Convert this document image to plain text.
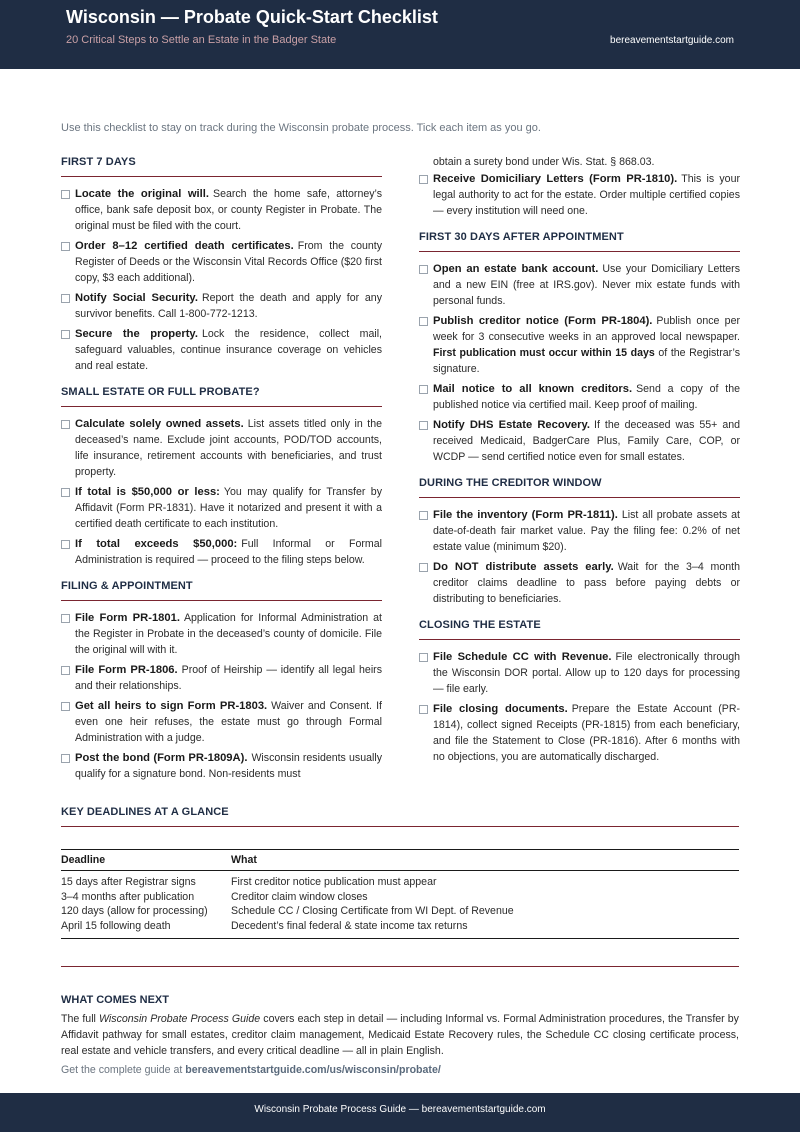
Wisconsin — Probate Quick-Start Checklist
20 Critical Steps to Settle an Estate in the Badger State	bereavementstartguide.com
Use this checklist to stay on track during the Wisconsin probate process. Tick each item as you go.
FIRST 7 DAYS
Locate the original will. Search the home safe, attorney’s office, bank safe deposit box, or county Register in Probate. The original must be filed with the court.
Order 8–12 certified death certificates. From the county Register of Deeds or the Wisconsin Vital Records Office ($20 first copy, $3 each additional).
Notify Social Security. Report the death and apply for any survivor benefits. Call 1-800-772-1213.
Secure the property. Lock the residence, collect mail, safeguard valuables, continue insurance coverage on vehicles and real estate.
SMALL ESTATE OR FULL PROBATE?
Calculate solely owned assets. List assets titled only in the deceased’s name. Exclude joint accounts, POD/TOD accounts, life insurance, retirement accounts with beneficiaries, and trust property.
If total is $50,000 or less: You may qualify for Transfer by Affidavit (Form PR-1831). Have it notarized and present it with a certified death certificate to each institution.
If total exceeds $50,000: Full Informal or Formal Administration is required — proceed to the filing steps below.
FILING & APPOINTMENT
File Form PR-1801. Application for Informal Administration at the Register in Probate in the deceased’s county of domicile. File the original will with it.
File Form PR-1806. Proof of Heirship — identify all legal heirs and their relationships.
Get all heirs to sign Form PR-1803. Waiver and Consent. If even one heir refuses, the estate must go through Formal Administration with a judge.
Post the bond (Form PR-1809A). Wisconsin residents usually qualify for a signature bond. Non-residents must
obtain a surety bond under Wis. Stat. § 868.03.
Receive Domiciliary Letters (Form PR-1810). This is your legal authority to act for the estate. Order multiple certified copies — every institution will need one.
FIRST 30 DAYS AFTER APPOINTMENT
Open an estate bank account. Use your Domiciliary Letters and a new EIN (free at IRS.gov). Never mix estate funds with personal funds.
Publish creditor notice (Form PR-1804). Publish once per week for 3 consecutive weeks in an approved local newspaper. First publication must occur within 15 days of the Registrar’s signature.
Mail notice to all known creditors. Send a copy of the published notice via certified mail. Keep proof of mailing.
Notify DHS Estate Recovery. If the deceased was 55+ and received Medicaid, BadgerCare Plus, Family Care, COP, or WCDP — send certified notice even for small estates.
DURING THE CREDITOR WINDOW
File the inventory (Form PR-1811). List all probate assets at date-of-death fair market value. Pay the filing fee: 0.2% of net estate value (minimum $20).
Do NOT distribute assets early. Wait for the 3–4 month creditor claims deadline to pass before paying debts or distributing to beneficiaries.
CLOSING THE ESTATE
File Schedule CC with Revenue. File electronically through the Wisconsin DOR portal. Allow up to 120 days for processing — file early.
File closing documents. Prepare the Estate Account (PR-1814), collect signed Receipts (PR-1815) from each beneficiary, and file the Statement to Close (PR-1816). After 6 months with no objections, you are automatically discharged.
KEY DEADLINES AT A GLANCE
Deadline	What
15 days after Registrar signs	First creditor notice publication must appear
3–4 months after publication	Creditor claim window closes
120 days (allow for processing)	Schedule CC / Closing Certificate from WI Dept. of Revenue
April 15 following death	Decedent’s final federal & state income tax returns
WHAT COMES NEXT
The full Wisconsin Probate Process Guide covers each step in detail — including Informal vs. Formal Administration procedures, the Transfer by Affidavit pathway for small estates, creditor claim management, Medicaid Estate Recovery rules, the Schedule CC closing certificate process, real estate and vehicle transfers, and every critical deadline — all in plain English.
Get the complete guide at bereavementstartguide.com/us/wisconsin/probate/
Wisconsin Probate Process Guide — bereavementstartguide.com
